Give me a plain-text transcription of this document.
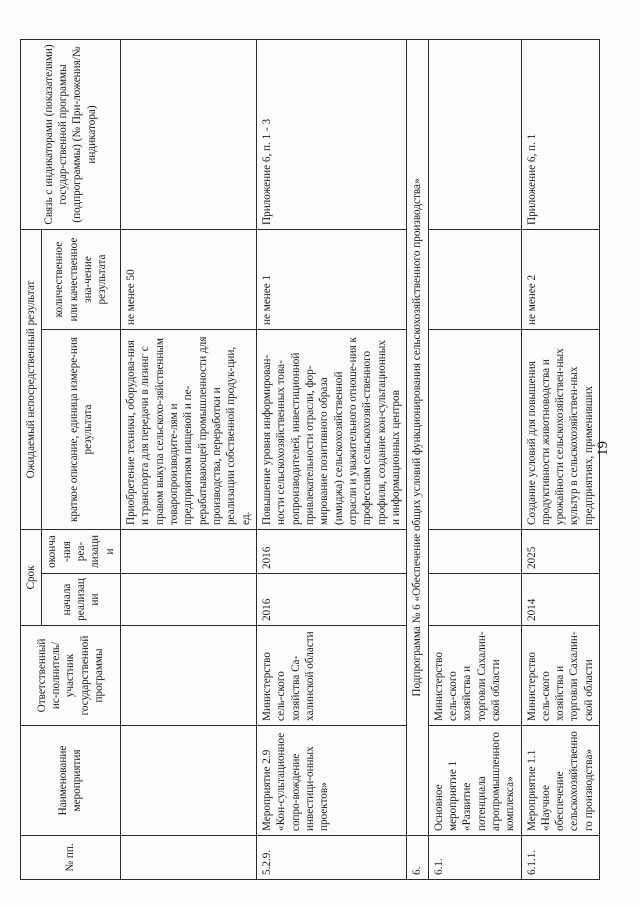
19
№ пп.	Наименование мероприятия	Ответственный ис-полнитель/участник государственной программы	Срок		Ожидаемый непосредственный результат		Связь с индикаторами (показателями) государ-ственной программы (подпрограммы) (№ При-ложения/№ индикатора)
			начала реализации	оконча-ния реа-лизации	краткое описание, единица измере-ния результата	количественное или качественное зна-чение результата	
					Приобретение техники, оборудова-ния и транспорта для передачи в лизинг с правом выкупа сельскохо-зяйственным товаропроизводите-лям и предприятиям пищевой и пе-рерабатывающей промышленности для производства, переработки и реализации собственной продук-ции, ед.	не менее 50	
5.2.9.	Мероприятие 2.9 «Кон-сультационное сопро-вождение инвестици-онных проектов»	Министерство сель-ского хозяйства Са-халинской области	2016	2016	Повышение уровня информирован-ности сельскохозяйственных това-ропроизводителей, инвестиционной привлекательности отрасли, фор-мирование позитивного образа (имиджа) сельскохозяйственной отрасли и уважительного отноше-ния к профессиям сельскохозяй-ственного профиля, создание кон-сультационных и информационных центров	не менее 1	Приложение 6, п. 1 - 3
6.	Подпрограмма № 6 «Обеспечение общих условий функционирования сельскохозяйственного производства»						
6.1.	Основное мероприятие 1 «Развитие потенциала агропромышленного комплекса»	Министерство сель-ского хозяйства и торговли Сахалин-ской области					
6.1.1.	Мероприятие 1.1 «Научное обеспечение сельскохозяйственного производства»	Министерство сель-ского хозяйства и торговли Сахалин-ской области	2014	2025	Создание условий для повышения продуктивности животноводства и урожайности сельскохозяйствен-ных культур в сельскохозяйствен-ных предприятиях, применивших	не менее 2	Приложение 6, п. 1
